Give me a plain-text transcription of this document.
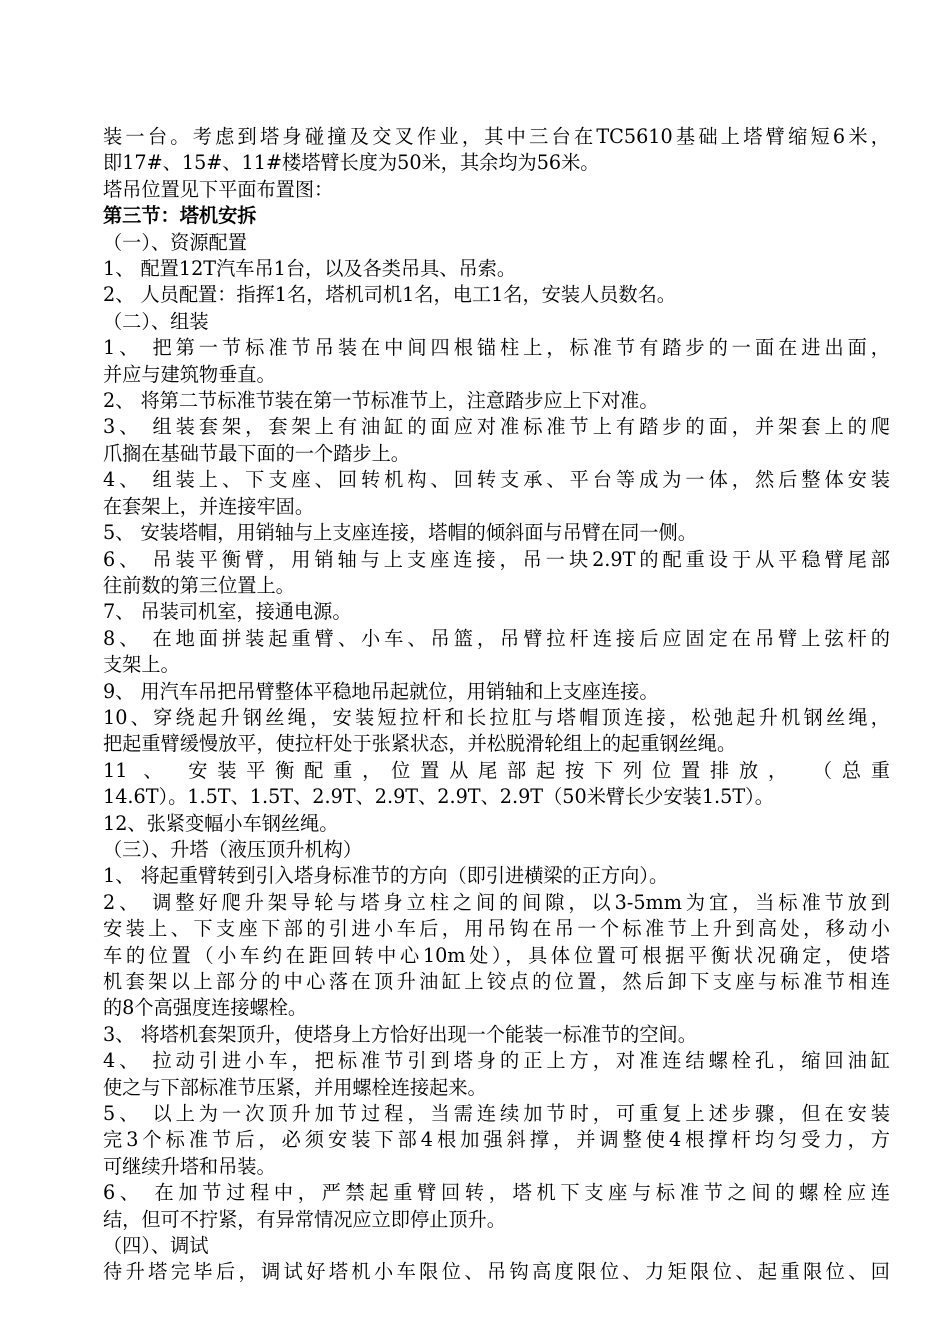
装一台。考虑到塔身碰撞及交叉作业，其中三台在TC5610基础上塔臂缩短6米，

即17#、15#、11#楼塔臂长度为50米，其余均为56米。

塔吊位置见下平面布置图：

第三节：塔机安拆

（一）、资源配置

1、 配置12T汽车吊1台，以及各类吊具、吊索。

2、 人员配置：指挥1名，塔机司机1名，电工1名，安装人员数名。

（二）、组装

1、 把第一节标准节吊装在中间四根锚柱上，标准节有踏步的一面在进出面，

并应与建筑物垂直。

2、 将第二节标准节装在第一节标准节上，注意踏步应上下对准。

3、 组装套架，套架上有油缸的面应对准标准节上有踏步的面，并架套上的爬

爪搁在基础节最下面的一个踏步上。

4、 组装上、下支座、回转机构、回转支承、平台等成为一体，然后整体安装

在套架上，并连接牢固。

5、 安装塔帽，用销轴与上支座连接，塔帽的倾斜面与吊臂在同一侧。

6、 吊装平衡臂，用销轴与上支座连接，吊一块2.9T的配重设于从平稳臂尾部

往前数的第三位置上。

7、 吊装司机室，接通电源。

8、 在地面拼装起重臂、小车、吊篮，吊臂拉杆连接后应固定在吊臂上弦杆的

支架上。

9、 用汽车吊把吊臂整体平稳地吊起就位，用销轴和上支座连接。

10、穿绕起升钢丝绳，安装短拉杆和长拉肛与塔帽顶连接，松弛起升机钢丝绳，

把起重臂缓慢放平，使拉杆处于张紧状态，并松脱滑轮组上的起重钢丝绳。

11 、 安装平衡配重，位置从尾部起按下列位置排放， （总重

14.6T）。1.5T、1.5T、2.9T、2.9T、2.9T、2.9T（50米臂长少安装1.5T）。

12、张紧变幅小车钢丝绳。

（三）、升塔（液压顶升机构）

1、 将起重臂转到引入塔身标准节的方向（即引进横梁的正方向）。

2、 调整好爬升架导轮与塔身立柱之间的间隙，以3-5mm为宜，当标准节放到

安装上、下支座下部的引进小车后，用吊钩在吊一个标准节上升到高处，移动小

车的位置（小车约在距回转中心10m处），具体位置可根据平衡状况确定，使塔

机套架以上部分的中心落在顶升油缸上铰点的位置，然后卸下支座与标准节相连

的8个高强度连接螺栓。

3、 将塔机套架顶升，使塔身上方恰好出现一个能装一标准节的空间。

4、 拉动引进小车，把标准节引到塔身的正上方，对准连结螺栓孔，缩回油缸

使之与下部标准节压紧，并用螺栓连接起来。

5、 以上为一次顶升加节过程，当需连续加节时，可重复上述步骤，但在安装

完3个标准节后，必须安装下部4根加强斜撑，并调整使4根撑杆均匀受力，方

可继续升塔和吊装。

6、 在加节过程中，严禁起重臂回转，塔机下支座与标准节之间的螺栓应连

结，但可不拧紧，有异常情况应立即停止顶升。

（四）、调试

待升塔完毕后，调试好塔机小车限位、吊钩高度限位、力矩限位、起重限位、回
